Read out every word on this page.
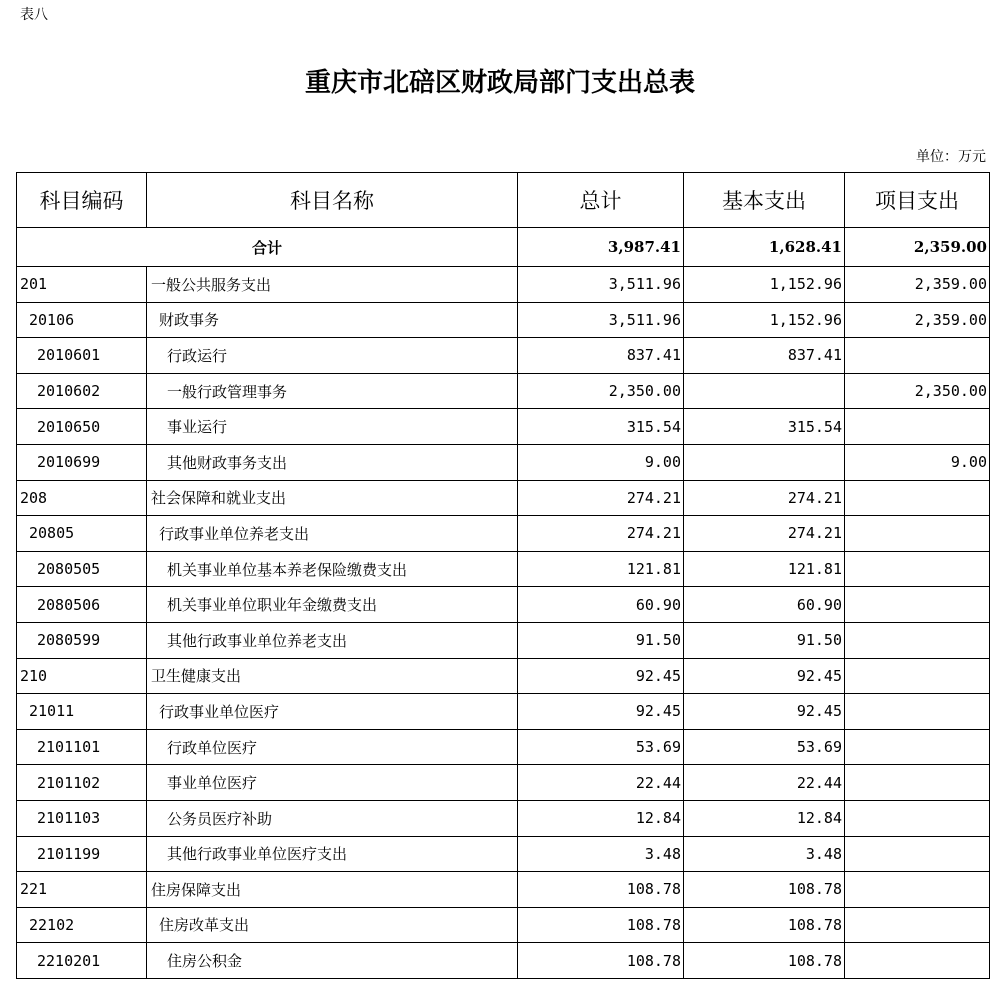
表八
重庆市北碚区财政局部门支出总表
单位：万元
科目编码	科目名称	总计	基本支出	项目支出
合计		3,987.41	1,628.41	2,359.00
201	一般公共服务支出	3,511.96	1,152.96	2,359.00
20106	财政事务	3,511.96	1,152.96	2,359.00
2010601	行政运行	837.41	837.41	
2010602	一般行政管理事务	2,350.00		2,350.00
2010650	事业运行	315.54	315.54	
2010699	其他财政事务支出	9.00		9.00
208	社会保障和就业支出	274.21	274.21	
20805	行政事业单位养老支出	274.21	274.21	
2080505	机关事业单位基本养老保险缴费支出	121.81	121.81	
2080506	机关事业单位职业年金缴费支出	60.90	60.90	
2080599	其他行政事业单位养老支出	91.50	91.50	
210	卫生健康支出	92.45	92.45	
21011	行政事业单位医疗	92.45	92.45	
2101101	行政单位医疗	53.69	53.69	
2101102	事业单位医疗	22.44	22.44	
2101103	公务员医疗补助	12.84	12.84	
2101199	其他行政事业单位医疗支出	3.48	3.48	
221	住房保障支出	108.78	108.78	
22102	住房改革支出	108.78	108.78	
2210201	住房公积金	108.78	108.78	
